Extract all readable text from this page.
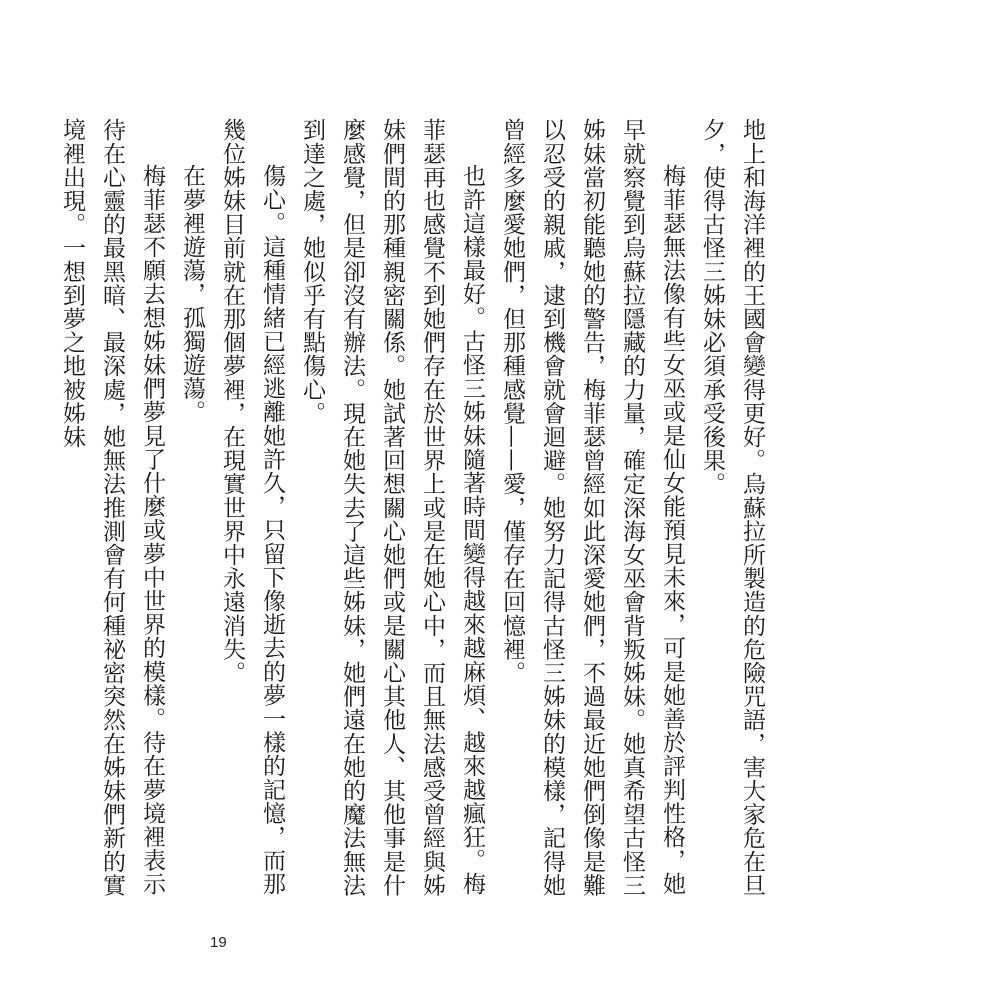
地上和海洋裡的王國會變得更好。烏蘇拉所製造的危險咒語，害大家危在旦夕，使得古怪三姊妹必須承受後果。

梅菲瑟無法像有些女巫或是仙女能預見未來，可是她善於評判性格，她早就察覺到烏蘇拉隱藏的力量，確定深海女巫會背叛姊妹。她真希望古怪三姊妹當初能聽她的警告，梅菲瑟曾經如此深愛她們，不過最近她們倒像是難以忍受的親戚，逮到機會就會迴避。她努力記得古怪三姊妹的模樣，記得她曾經多麼愛她們，但那種感覺——愛，僅存在回憶裡。

也許這樣最好。古怪三姊妹隨著時間變得越來越麻煩、越來越瘋狂。梅菲瑟再也感覺不到她們存在於世界上或是在她心中，而且無法感受曾經與姊妹們間的那種親密關係。她試著回想關心她們或是關心其他人、其他事是什麼感覺，但是卻沒有辦法。現在她失去了這些姊妹，她們遠在她的魔法無法到達之處，她似乎有點傷心。

傷心。這種情緒已經逃離她許久，只留下像逝去的夢一樣的記憶，而那幾位姊妹目前就在那個夢裡，在現實世界中永遠消失。

在夢裡遊蕩，孤獨遊蕩。

梅菲瑟不願去想姊妹們夢見了什麼或夢中世界的模樣。待在夢境裡表示待在心靈的最黑暗、最深處，她無法推測會有何種祕密突然在姊妹們新的實境裡出現。一想到夢之地被姊妹

19
